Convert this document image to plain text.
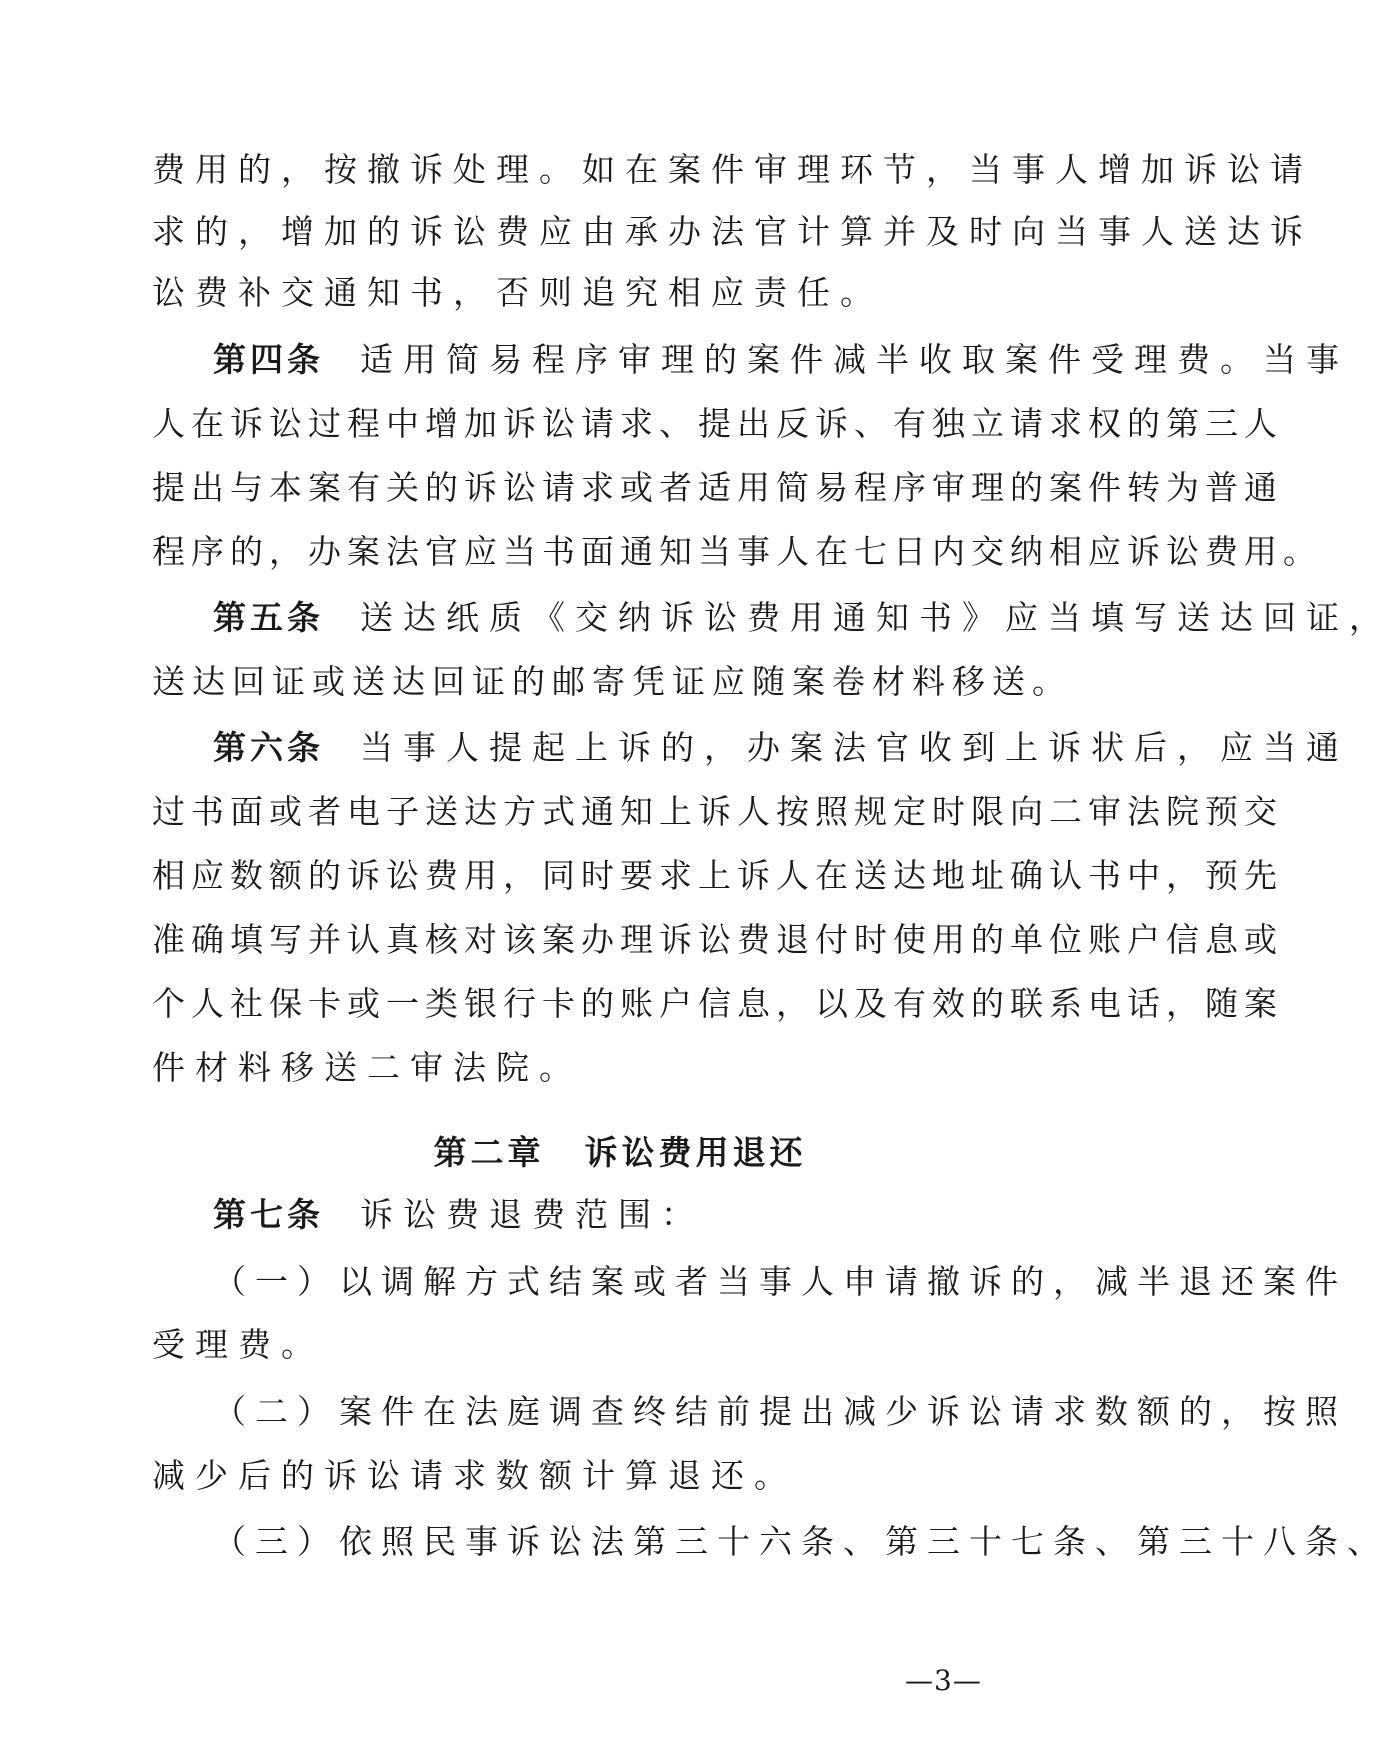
费用的，按撤诉处理。如在案件审理环节，当事人增加诉讼请
求的，增加的诉讼费应由承办法官计算并及时向当事人送达诉
讼费补交通知书，否则追究相应责任。
第四条 适用简易程序审理的案件减半收取案件受理费。当事
人在诉讼过程中增加诉讼请求、提出反诉、有独立请求权的第三人
提出与本案有关的诉讼请求或者适用简易程序审理的案件转为普通
程序的，办案法官应当书面通知当事人在七日内交纳相应诉讼费用。
第五条 送达纸质《交纳诉讼费用通知书》应当填写送达回证，
送达回证或送达回证的邮寄凭证应随案卷材料移送。
第六条 当事人提起上诉的，办案法官收到上诉状后，应当通
过书面或者电子送达方式通知上诉人按照规定时限向二审法院预交
相应数额的诉讼费用，同时要求上诉人在送达地址确认书中，预先
准确填写并认真核对该案办理诉讼费退付时使用的单位账户信息或
个人社保卡或一类银行卡的账户信息，以及有效的联系电话，随案
件材料移送二审法院。
第二章 诉讼费用退还
第七条 诉讼费退费范围：
（一）以调解方式结案或者当事人申请撤诉的，减半退还案件
受理费。
（二）案件在法庭调查终结前提出减少诉讼请求数额的，按照
减少后的诉讼请求数额计算退还。
（三）依照民事诉讼法第三十六条、第三十七条、第三十八条、
—3—
